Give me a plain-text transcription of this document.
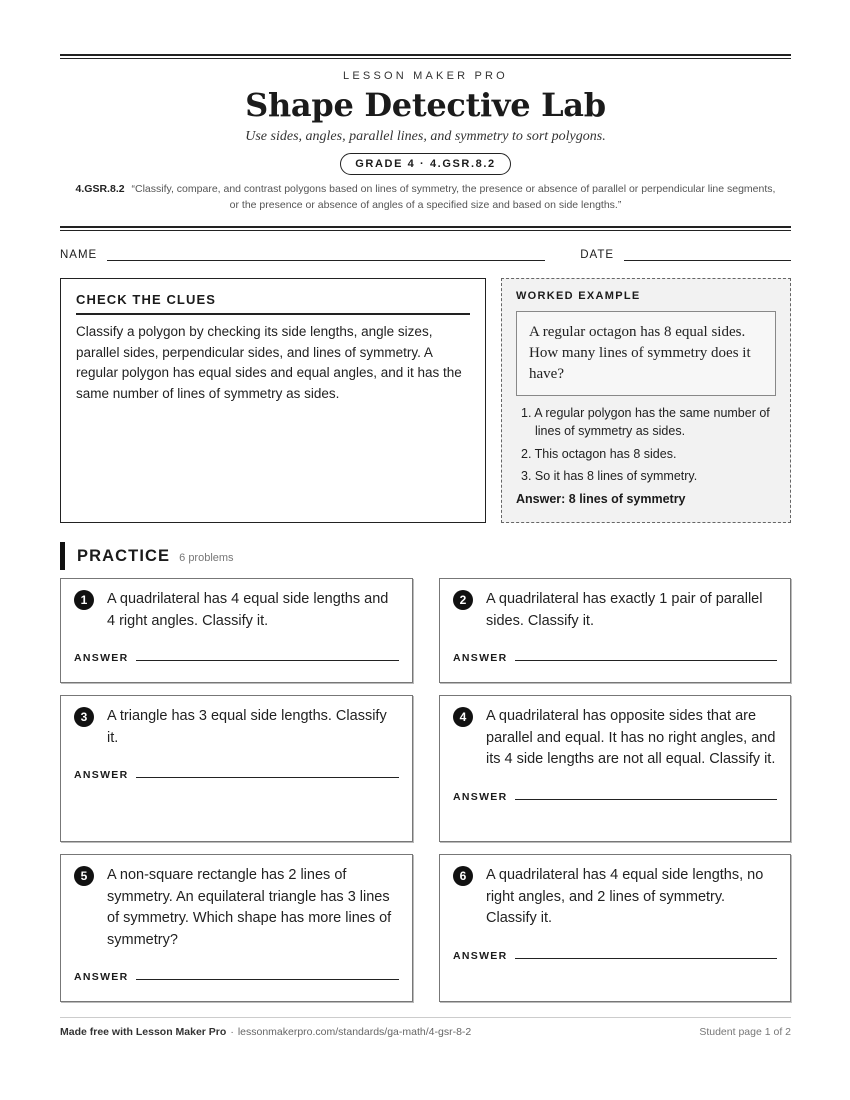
LESSON MAKER PRO
Shape Detective Lab
Use sides, angles, parallel lines, and symmetry to sort polygons.
GRADE 4 · 4.GSR.8.2
4.GSR.8.2 “Classify, compare, and contrast polygons based on lines of symmetry, the presence or absence of parallel or perpendicular line segments, or the presence or absence of angles of a specified size and based on side lengths.”
NAME	DATE
CHECK THE CLUES
Classify a polygon by checking its side lengths, angle sizes, parallel sides, perpendicular sides, and lines of symmetry. A regular polygon has equal sides and equal angles, and it has the same number of lines of symmetry as sides.
WORKED EXAMPLE
A regular octagon has 8 equal sides. How many lines of symmetry does it have?
1. A regular polygon has the same number of lines of symmetry as sides.
2. This octagon has 8 sides.
3. So it has 8 lines of symmetry.
Answer: 8 lines of symmetry
PRACTICE 6 problems
1	A quadrilateral has 4 equal side lengths and 4 right angles. Classify it.
ANSWER
2	A quadrilateral has exactly 1 pair of parallel sides. Classify it.
ANSWER
3	A triangle has 3 equal side lengths. Classify it.
ANSWER
4	A quadrilateral has opposite sides that are parallel and equal. It has no right angles, and its 4 side lengths are not all equal. Classify it.
ANSWER
5	A non-square rectangle has 2 lines of symmetry. An equilateral triangle has 3 lines of symmetry. Which shape has more lines of symmetry?
ANSWER
6	A quadrilateral has 4 equal side lengths, no right angles, and 2 lines of symmetry. Classify it.
ANSWER
Made free with Lesson Maker Pro · lessonmakerpro.com/standards/ga-math/4-gsr-8-2	Student page 1 of 2
